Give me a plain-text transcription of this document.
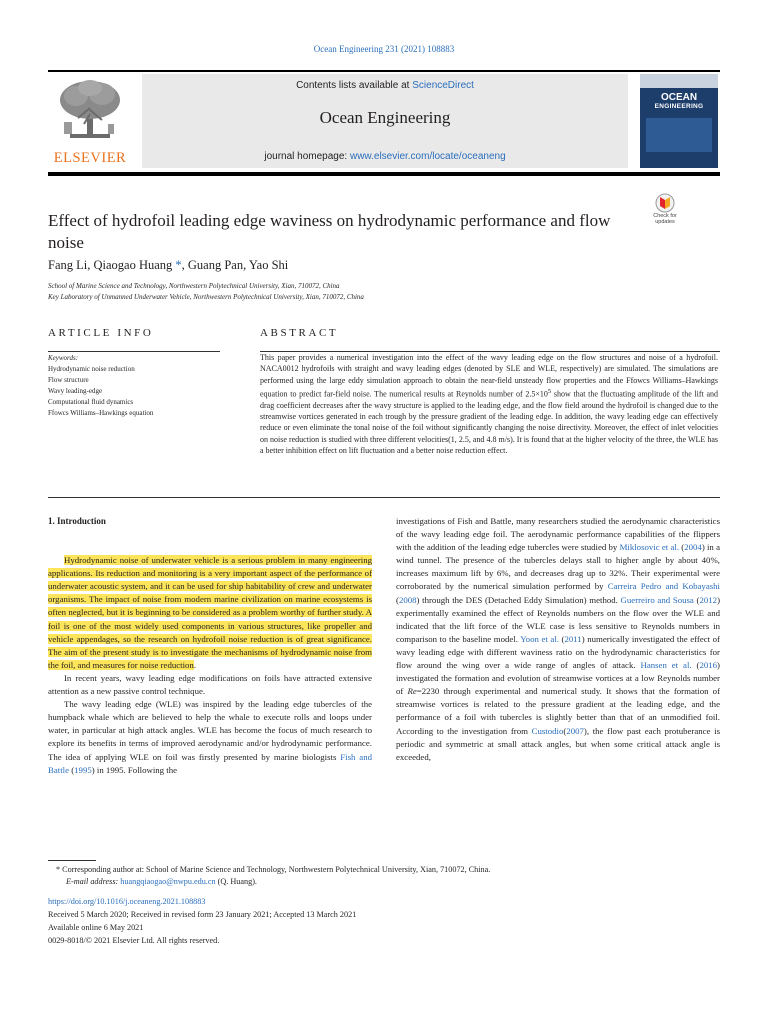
Ocean Engineering 231 (2021) 108883
ELSEVIER
Contents lists available at ScienceDirect
Ocean Engineering
journal homepage: www.elsevier.com/locate/oceaneng
OCEAN
ENGINEERING
Effect of hydrofoil leading edge waviness on hydrodynamic performance and flow noise
Check for updates
Fang Li, Qiaogao Huang *, Guang Pan, Yao Shi
School of Marine Science and Technology, Northwestern Polytechnical University, Xian, 710072, China
Key Laboratory of Unmanned Underwater Vehicle, Northwestern Polytechnical University, Xian, 710072, China
ARTICLE INFO
Keywords:
Hydrodynamic noise reduction
Flow structure
Wavy leading-edge
Computational fluid dynamics
Ffowcs Williams–Hawkings equation
ABSTRACT
This paper provides a numerical investigation into the effect of the wavy leading edge on the flow structures and noise of a hydrofoil. NACA0012 hydrofoils with straight and wavy leading edges (denoted by SLE and WLE, respectively) are simulated. The simulations are performed using the large eddy simulation approach to obtain the near-field unsteady flow properties and the Ffowcs Williams–Hawkings equation to predict far-field noise. The numerical results at Reynolds number of $2.5\times 10^5$ show that the fluctuating amplitude of the lift and drag coefficient decreases after the wavy structure is applied to the leading edge, and the flow field around the hydrofoil is changed due to the streamwise vortices generated in each trough by the pressure gradient of the leading edge. In addition, the wavy leading edge can effectively reduce or even eliminate the tonal noise of the foil without significantly changing the noise directivity. Moreover, the effect of inlet velocities on noise reduction is studied with three different velocities(1, 2.5, and 4.8 m/s). It is found that at the higher velocity of the three, the WLE has a better inhibition effect on lift fluctuation and a better noise reduction effect.
1. Introduction

Hydrodynamic noise of underwater vehicle is a serious problem in many engineering applications. Its reduction and monitoring is a very important aspect of the performance of underwater acoustic system, and it can be used for ship habitability of crew and underwater organisms. The impact of noise from modern marine civilization on marine ecosystems is often neglected, but it is beginning to be considered as a problem worthy of further study. A foil is one of the most widely used components in various structures, like propeller and vehicle appendages, so the research on hydrofoil noise reduction is of great significance. The aim of the present study is to investigate the mechanisms of hydrodynamic noise from the foil, and measures for noise reduction.

In recent years, wavy leading edge modifications on foils have attracted extensive attention as a new passive control technique.

The wavy leading edge (WLE) was inspired by the leading edge tubercles of the humpback whale which are believed to help the whale to execute rolls and loops under water, in particular at high attack angles. WLE has become the focus of much research to explore its benefits in terms of improved aerodynamic and/or hydrodynamic performance. The idea of applying WLE on foil was firstly presented by marine biologists Fish and Battle (1995) in 1995. Following the

investigations of Fish and Battle, many researchers studied the aerodynamic characteristics of the wavy leading edge foil. The aerodynamic performance capabilities of the flippers with the addition of the leading edge tubercles were studied by Miklosovic et al. (2004) in a wind tunnel. The presence of the tubercles delays stall to higher angle by about 40%, increases maximum lift by 6%, and decreases drag up to 32%. Their experimental were corroborated by the numerical simulation performed by Carreira Pedro and Kobayashi (2008) through the DES (Detached Eddy Simulation) method. Guerreiro and Sousa (2012) experimentally examined the effect of Reynolds numbers on the flow over the WLE and indicated that the lift force of the WLE case is less sensitive to Reynolds numbers in comparison to the baseline model. Yoon et al. (2011) numerically investigated the effect of wavy leading edge with different waviness ratio on the hydrodynamic characteristics for flow around the wing over a wide range of angles of attack. Hansen et al. (2016) investigated the formation and evolution of streamwise vortices at a low Reynolds number of Re=2230 through experimental and numerical study. It shows that the formation of streamwise vortices is related to the pressure gradient at the leading edge, and the performance of a foil with tubercles is slightly better than that of an unmodified foil. According to the investigation from Custodio(2007), the flow past each protuberance is periodic and symmetric at small attack angles, but when some critical attack angle is exceeded,

* Corresponding author at: School of Marine Science and Technology, Northwestern Polytechnical University, Xian, 710072, China.
E-mail address: huangqiaogao@nwpu.edu.cn (Q. Huang).
https://doi.org/10.1016/j.oceaneng.2021.108883
Received 5 March 2020; Received in revised form 23 January 2021; Accepted 13 March 2021
Available online 6 May 2021
0029-8018/© 2021 Elsevier Ltd. All rights reserved.
